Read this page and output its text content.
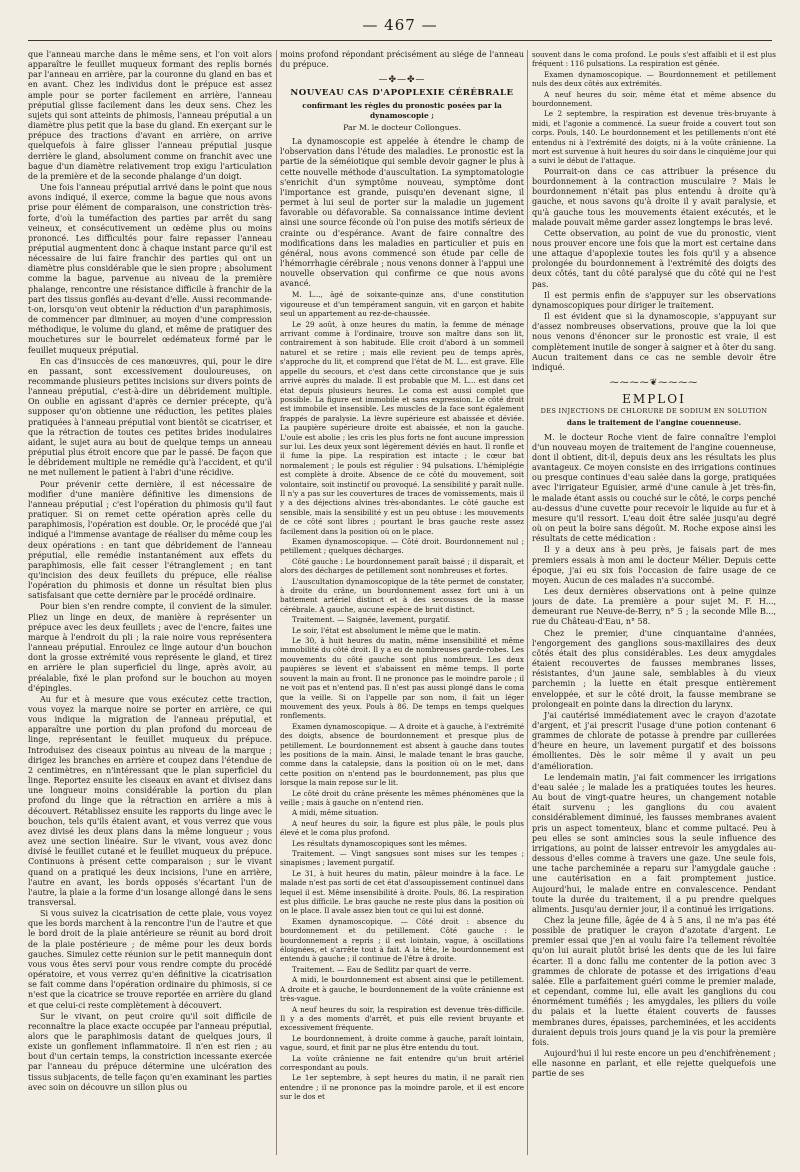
— 467 —

que l'anneau marche dans le même sens, et l'on voit alors apparaître le feuillet muqueux formant des replis bornés par l'anneau en arrière, par la couronne du gland en bas et en avant. Chez les individus dont le prépuce est assez ample pour se porter facilement en arrière, l'anneau préputial glisse facilement dans les deux sens. Chez les sujets qui sont atteints de phimosis, l'anneau préputial a un diamètre plus petit que la base du gland. En exerçant sur le prépuce des tractions d'avant en arrière, on arrive quelquefois à faire glisser l'anneau préputial jusque derrière le gland, absolument comme on franchit avec une bague d'un diamètre relativement trop exigu l'articulation de la première et de la seconde phalange d'un doigt.

Une fois l'anneau préputial arrivé dans le point que nous avons indiqué, il exerce, comme la bague que nous avons prise pour élément de comparaison, une constriction très-forte, d'où la tuméfaction des parties par arrêt du sang veineux, et consécutivement un œdème plus ou moins prononcé. Les difficultés pour faire repasser l'anneau préputial augmentent donc à chaque instant parce qu'il est nécessaire de lui faire franchir des parties qui ont un diamètre plus considérable que le sien propre ; absolument comme la bague, parvenue au niveau de la première phalange, rencontre une résistance difficile à franchir de la part des tissus gonflés au-devant d'elle. Aussi recommande-t-on, lorsqu'on veut obtenir la réduction d'un paraphimosis, de commencer par diminuer, au moyen d'une compression méthodique, le volume du gland, et même de pratiquer des mouchetures sur le bourrelet œdémateux formé par le feuillet muqueux préputial.

En cas d'insuccès de ces manœuvres, qui, pour le dire en passant, sont excessivement douloureuses, on recommande plusieurs petites incisions sur divers points de l'anneau préputial, c'est-à-dire un débridement multiple. On oublie en agissant d'après ce dernier précepte, qu'à supposer qu'on obtienne une réduction, les petites plaies pratiquées à l'anneau préputial vont bientôt se cicatriser, et que la rétraction de toutes ces petites brides inodulaires aidant, le sujet aura au bout de quelque temps un anneau préputial plus étroit encore que par le passé. De façon que le débridement multiple ne remédie qu'à l'accident, et qu'il ne met nullement le patient à l'abri d'une récidive.

Pour prévenir cette dernière, il est nécessaire de modifier d'une manière définitive les dimensions de l'anneau préputial ; c'est l'opération du phimosis qu'il faut pratiquer. Si on remet cette opération après celle du paraphimosis, l'opération est double. Or, le procédé que j'ai indiqué a l'immense avantage de réaliser du même coup les deux opérations : en tant que débridement de l'anneau préputial, elle remédie instantanément aux effets du paraphimosis, elle fait cesser l'étranglement ; en tant qu'incision des deux feuillets du prépuce, elle réalise l'opération du phimosis et donne un résultat bien plus satisfaisant que cette dernière par le procédé ordinaire.

Pour bien s'en rendre compte, il convient de la simuler. Pliez un linge en deux, de manière à représenter un prépuce avec les deux feuillets ; avec de l'encre, faites une marque à l'endroit du pli ; la raie noire vous représentera l'anneau préputial. Enroulez ce linge autour d'un bouchon dont la grosse extrémité vous représente le gland, et tirez en arrière le plan superficiel du linge, après avoir, au préalable, fixé le plan profond sur le bouchon au moyen d'épingles.

Au fur et à mesure que vous exécutez cette traction, vous voyez la marque noire se porter en arrière, ce qui vous indique la migration de l'anneau préputial, et apparaître une portion du plan profond du morceau de linge, représentant le feuillet muqueux du prépuce. Introduisez des ciseaux pointus au niveau de la marque ; dirigez les branches en arrière et coupez dans l'étendue de 2 centimètres, en n'intéressant que le plan superficiel du linge. Reportez ensuite les ciseaux en avant et divisez dans une longueur moins considérable la portion du plan profond du linge que la rétraction en arrière a mis à découvert. Rétablissez ensuite les rapports du linge avec le bouchon, tels qu'ils étaient avant, et vous verrez que vous avez divisé les deux plans dans la même longueur ; vous avez une section linéaire. Sur le vivant, vous avez donc divisé le feuillet cutané et le feuillet muqueux du prépuce. Continuons à présent cette comparaison ; sur le vivant quand on a pratiqué les deux incisions, l'une en arrière, l'autre en avant, les bords opposés s'écartant l'un de l'autre, la plaie a la forme d'un losange allongé dans le sens transversal.

Si vous suivez la cicatrisation de cette plaie, vous voyez que les bords marchent à la rencontre l'un de l'autre et que le bord droit de la plaie antérieure se réunit au bord droit de la plaie postérieure ; de même pour les deux bords gauches. Simulez cette réunion sur le petit mannequin dont vous vous êtes servi pour vous rendre compte du procédé opératoire, et vous verrez qu'en définitive la cicatrisation se fait comme dans l'opération ordinaire du phimosis, si ce n'est que la cicatrice se trouve reportée en arrière du gland et que celui-ci reste complètement à découvert.

Sur le vivant, on peut croire qu'il soit difficile de reconnaître la place exacte occupée par l'anneau préputial, alors que le paraphimosis datant de quelques jours, il existe un gonflement inflammatoire. Il n'en est rien ; au bout d'un certain temps, la constriction incessante exercée par l'anneau du prépuce détermine une ulcération des tissus subjacents, de telle façon qu'en examinant les parties avec soin on découvre un sillon plus ou

moins profond répondant précisément au siége de l'anneau du prépuce.

—✤—✤—
NOUVEAU CAS D'APOPLEXIE CÉRÉBRALE
confirmant les règles du pronostic posées par la dynamoscopie ;
Par M. le docteur Collongues.

La dynamoscopie est appelée à étendre le champ de l'observation dans l'étude des maladies. Le pronostic est la partie de la séméiotique qui semble devoir gagner le plus à cette nouvelle méthode d'auscultation. La symptomatologie s'enrichit d'un symptôme nouveau, symptôme dont l'importance est grande, puisqu'en devenant signe, il permet à lui seul de porter sur la maladie un jugement favorable ou défavorable. Sa connaissance intime devient ainsi une source féconde où l'on puise des motifs sérieux de crainte ou d'espérance. Avant de faire connaître des modifications dans les maladies en particulier et puis en général, nous avons commencé son étude par celle de l'hémorrhagie cérébrale ; nous venons donner à l'appui une nouvelle observation qui confirme ce que nous avons avancé.

M. L..., âgé de soixante-quinze ans, d'une constitution vigoureuse et d'un tempérament sanguin, vit en garçon et habite seul un appartement au rez-de-chaussée.

Le 29 août, à onze heures du matin, la femme de ménage arrivant comme à l'ordinaire, trouve son maître dans son lit, contrairement à son habitude. Elle croit d'abord à un sommeil naturel et se retire ; mais elle revient peu de temps après, s'approche du lit, et comprend que l'état de M. L... est grave. Elle appelle du secours, et c'est dans cette circonstance que je suis arrivé auprès du malade. Il est probable que M. L... est dans cet état depuis plusieurs heures. Le coma est aussi complet que possible. La figure est immobile et sans expression. Le côté droit est immobile et insensible. Les muscles de la face sont également frappés de paralysie. La lèvre supérieure est abaissée et déviée. La paupière supérieure droite est abaissée, et non la gauche. L'ouïe est abolie ; les cris les plus forts ne font aucune impression sur lui. Les deux yeux sont légèrement déviés en haut. Il ronfle et il fume la pipe. La respiration est intacte ; le cœur bat normalement ; le pouls est régulier : 94 pulsations. L'hémiplégie est complète à droite. Absence de ce côté du mouvement, soit volontaire, soit instinctif ou provoqué. La sensibilité y paraît nulle. Il n'y a pas sur les couvertures de traces de vomissements, mais il y a des déjections alvines très-abondantes. Le côté gauche est sensible, mais la sensibilité y est un peu obtuse : les mouvements de ce côté sont libres ; pourtant le bras gauche reste assez facilement dans la position où on le place.

Examen dynamoscopique. — Côté droit. Bourdonnement nul ; petillement ; quelques décharges.

Côté gauche : Le bourdonnement paraît baissé ; il disparaît, et alors des décharges de petillement sont nombreuses et fortes.

L'auscultation dynamoscopique de la tête permet de constater, à droite du crâne, un bourdonnement assez fort uni à un battement artériel distinct et à des secousses de la masse cérébrale. A gauche, aucune espèce de bruit distinct.

Traitement. — Saignée, lavement, purgatif.

Le soir, l'état est absolument le même que le matin.

Le 30, à huit heures du matin, même insensibilité et même immobilité du côté droit. Il y a eu de nombreuses garde-robes. Les mouvements du côté gauche sont plus nombreux. Les deux paupières se lèvent et s'abaissent en même temps. Il porte souvent la main au front. Il ne prononce pas le moindre parole ; il ne voit pas et n'entend pas. Il n'est pas aussi plongé dans le coma que la veille. Si on l'appelle par son nom, il fait un léger mouvement des yeux. Pouls à 86. De temps en temps quelques ronflements.

Examen dynamoscopique. — A droite et à gauche, à l'extrémité des doigts, absence de bourdonnement et presque plus de petillement. Le bourdonnement est absent à gauche dans toutes les positions de la main. Ainsi, le malade tenant le bras gauche, comme dans la catalepsie, dans la position où on le met, dans cette position on n'entend pas le bourdonnement, pas plus que lorsque la main repose sur le lit.

Le côté droit du crâne présente les mêmes phénomènes que la veille ; mais à gauche on n'entend rien.

A midi, même situation.

A neuf heures du soir, la figure est plus pâle, le pouls plus élevé et le coma plus profond.

Les résultats dynamoscopiques sont les mêmes.

Traitement. — Vingt sangsues sont mises sur les tempes ; sinapismes ; lavement purgatif.

Le 31, à huit heures du matin, pâleur moindre à la face. Le malade n'est pas sorti de cet état d'assoupissement continuel dans lequel il est. Même insensibilité à droite. Pouls, 86. La respiration est plus difficile. Le bras gauche ne reste plus dans la position où on le place. Il avale assez bien tout ce qui lui est donné.

Examen dynamoscopique. — Côté droit : absence du bourdonnement et du petillement. Côté gauche : le bourdonnement a repris ; il est lointain, vague, à oscillations éloignées, et s'arrête tout à fait. A la tête, le bourdonnement est entendu à gauche ; il continue de l'être à droite.

Traitement. — Eau de Sedlitz par quart de verre.

A midi, le bourdonnement est absent ainsi que le petillement. A droite et à gauche, le bourdonnement de la voûte crânienne est très-vague.

A neuf heures du soir, la respiration est devenue très-difficile. Il y a des moments d'arrêt, et puis elle revient bruyante et excessivement fréquente.

Le bourdonnement, à droite comme à gauche, paraît lointain, vague, sourd, et finit par ne plus être entendu du tout.

La voûte crânienne ne fait entendre qu'un bruit artériel correspondant au pouls.

Le 1er septembre, à sept heures du matin, il ne paraît rien entendre ; il ne prononce pas la moindre parole, et il est encore sur le dos et

souvent dans le coma profond. Le pouls s'est affaibli et il est plus fréquent : 116 pulsations. La respiration est gênée.

Examen dynamoscopique. — Bourdonnement et petillement nuls des deux côtés aux extrémités.

A neuf heures du soir, même état et même absence du bourdonnement.

Le 2 septembre, la respiration est devenue très-bruyante à midi, et l'agonie a commencé. La sueur froide a couvert tout son corps. Pouls, 140. Le bourdonnement et les petillements n'ont été entendus ni à l'extrémité des doigts, ni à la voûte crânienne. La mort est survenue à huit heures du soir dans le cinquième jour qui a suivi le début de l'attaque.

Pourrait-on dans ce cas attribuer la présence du bourdonnement à la contraction musculaire ? Mais le bourdonnement n'était pas plus entendu à droite qu'à gauche, et nous savons qu'à droite il y avait paralysie, et qu'à gauche tous les mouvements étaient exécutés, et le malade pouvait même garder assez longtemps le bras levé.

Cette observation, au point de vue du pronostic, vient nous prouver encore une fois que la mort est certaine dans une attaque d'apoplexie toutes les fois qu'il y a absence prolongée du bourdonnement à l'extrémité des doigts des deux côtés, tant du côté paralysé que du côté qui ne l'est pas.

Il est permis enfin de s'appuyer sur les observations dynamoscopiques pour diriger le traitement.

Il est évident que si la dynamoscopie, s'appuyant sur d'assez nombreuses observations, prouve que la loi que nous venons d'énoncer sur le pronostic est vraie, il est complètement inutile de songer à saigner et à ôter du sang. Aucun traitement dans ce cas ne semble devoir être indiqué.

⁓⁓⁓⁓❦⁓⁓⁓⁓
EMPLOI
DES INJECTIONS DE CHLORURE DE SODIUM EN SOLUTION
dans le traitement de l'angine couenneuse.

M. le docteur Roche vient de faire connaître l'emploi d'un nouveau moyen de traitement de l'angine couenneuse, dont il obtient, dit-il, depuis deux ans les résultats les plus avantageux. Ce moyen consiste en des irrigations continues ou presque continues d'eau salée dans la gorge, pratiquées avec l'irrigateur Eguisier, armé d'une canule à jet très-fin, le malade étant assis ou couché sur le côté, le corps penché au-dessus d'une cuvette pour recevoir le liquide au fur et à mesure qu'il ressort. L'eau doit être salée jusqu'au degré où on peut la boire sans dégoût. M. Roche expose ainsi les résultats de cette médication :

Il y a deux ans à peu près, je faisais part de mes premiers essais à mon ami le docteur Mélier. Depuis cette époque, j'ai eu six fois l'occasion de faire usage de ce moyen. Aucun de ces malades n'a succombé.

Les deux dernières observations ont à peine quinze jours de date. La première a pour sujet M. F. H..., demeurant rue Neuve-de-Berry, n° 5 ; la seconde Mlle B..., rue du Château-d'Eau, n° 58.

Chez le premier, d'une cinquantaine d'années, l'engorgement des ganglions sous-maxillaires des deux côtés était des plus considérables. Les deux amygdales étaient recouvertes de fausses membranes lisses, résistantes, d'un jaune sale, semblables à du vieux parchemin ; la luette en était presque entièrement enveloppée, et sur le côté droit, la fausse membrane se prolongeait en pointe dans la direction du larynx.

J'ai cautérisé immédiatement avec le crayon d'azotate d'argent, et j'ai prescrit l'usage d'une potion contenant 6 grammes de chlorate de potasse à prendre par cuillerées d'heure en heure, un lavement purgatif et des boissons émollientes. Dès le soir même il y avait un peu d'amélioration.

Le lendemain matin, j'ai fait commencer les irrigations d'eau salée ; le malade les a pratiquées toutes les heures. Au bout de vingt-quatre heures, un changement notable était survenu ; les ganglions du cou avaient considérablement diminué, les fausses membranes avaient pris un aspect tomenteux, blanc et comme pultacé. Peu à peu elles se sont amincies sous la seule influence des irrigations, au point de laisser entrevoir les amygdales au-dessous d'elles comme à travers une gaze. Une seule fois, une tache parcheminée a reparu sur l'amygdale gauche : une cautérisation en a fait promptement justice. Aujourd'hui, le malade entre en convalescence. Pendant toute la durée du traitement, il a pu prendre quelques aliments. Jusqu'au dernier jour, il a continué les irrigations.

Chez la jeune fille, âgée de 4 à 5 ans, il ne m'a pas été possible de pratiquer le crayon d'azotate d'argent. Le premier essai que j'en ai voulu faire l'a tellement révoltée qu'on lui aurait plutôt brisé les dents que de les lui faire écarter. Il a donc fallu me contenter de la potion avec 3 grammes de chlorate de potasse et des irrigations d'eau salée. Elle a parfaitement guéri comme le premier malade, et cependant, comme lui, elle avait les ganglions du cou énormément tuméfiés ; les amygdales, les piliers du voile du palais et la luette étaient couverts de fausses membranes dures, épaisses, parcheminées, et les accidents duraient depuis trois jours quand je la vis pour la première fois.

Aujourd'hui il lui reste encore un peu d'enchifrènement ; elle nasonne en parlant, et elle rejette quelquefois une partie de ses
